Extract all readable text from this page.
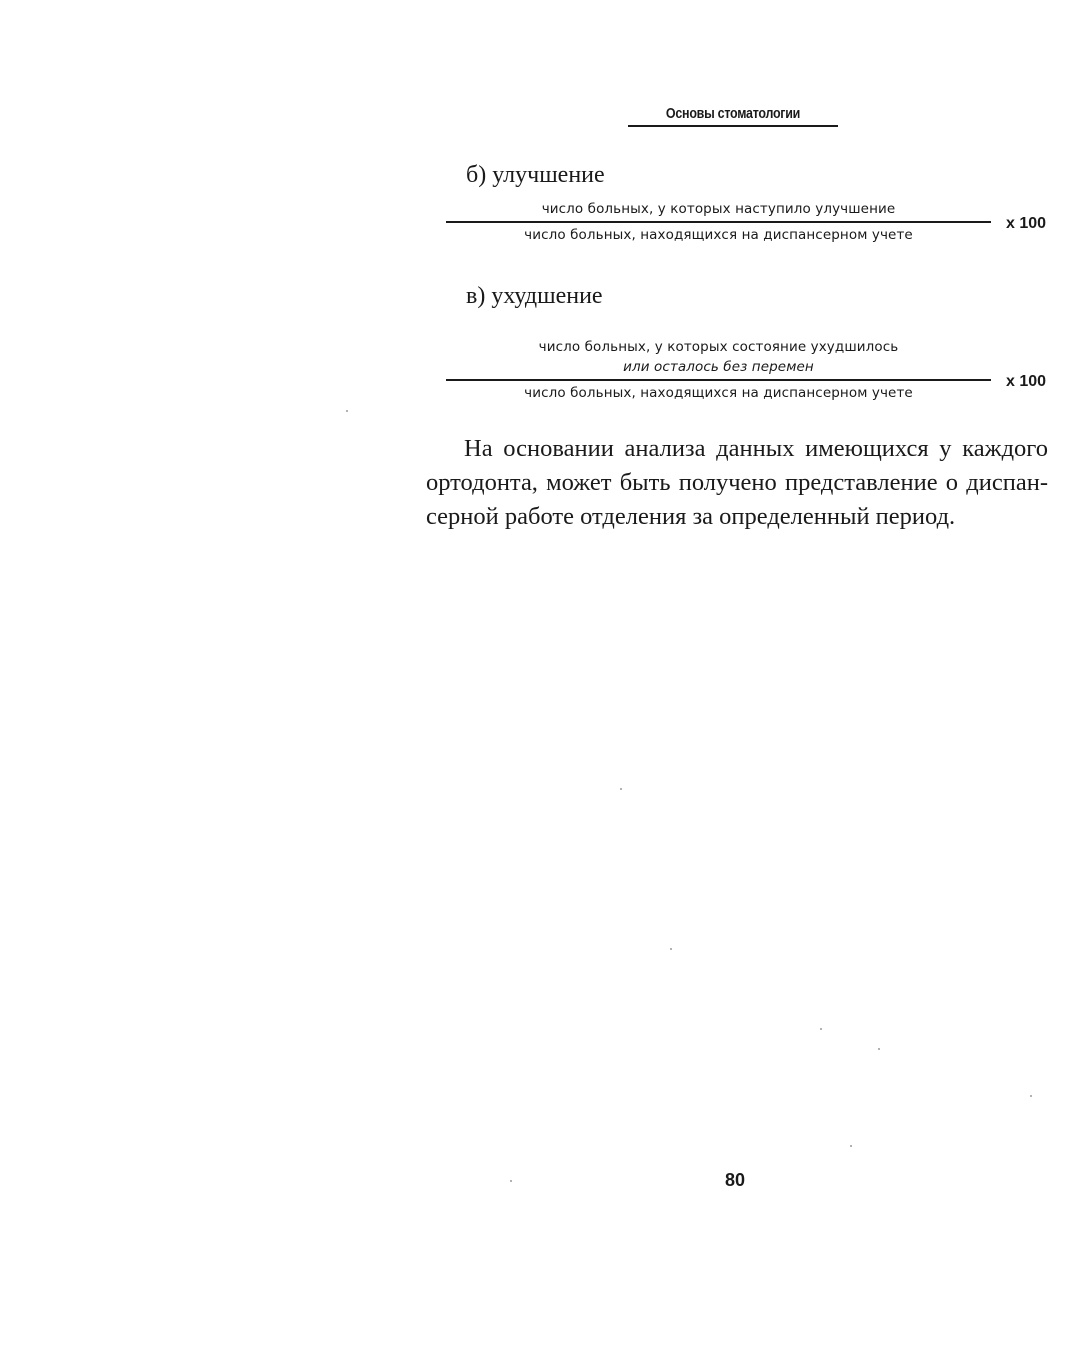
Основы стоматологии
б) улучшение
число больных, у которых наступило улучшение
число больных, находящихся на диспансерном учете
x 100
в) ухудшение
число больных, у которых состояние ухудшилось
или осталось без перемен
число больных, находящихся на диспансерном учете
x 100
На основании анализа данных имеющихся у каждого ортодонта, может быть получено представление о диспансерной работе отделения за определенный период.
80
